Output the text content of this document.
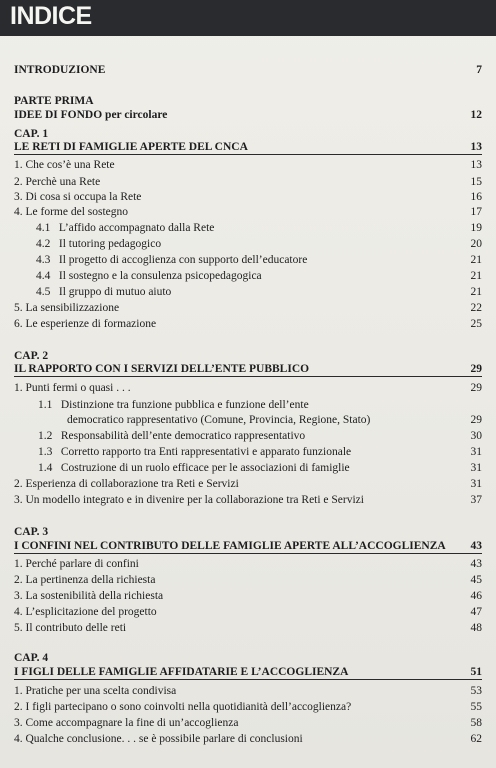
INDICE
INTRODUZIONE	7
PARTE PRIMA
IDEE DI FONDO per circolare	12
CAP. 1
LE RETI DI FAMIGLIE APERTE DEL CNCA	13
1. Che cos’è una Rete	13
2. Perchè una Rete	15
3. Di cosa si occupa la Rete	16
4. Le forme del sostegno	17
4.1 L’affido accompagnato dalla Rete	19
4.2 Il tutoring pedagogico	20
4.3 Il progetto di accoglienza con supporto dell’educatore	21
4.4 Il sostegno e la consulenza psicopedagogica	21
4.5 Il gruppo di mutuo aiuto	21
5. La sensibilizzazione	22
6. Le esperienze di formazione	25
CAP. 2
IL RAPPORTO CON I SERVIZI DELL’ENTE PUBBLICO	29
1. Punti fermi o quasi . . .	29
1.1 Distinzione tra funzione pubblica e funzione dell’ente
democratico rappresentativo (Comune, Provincia, Regione, Stato)	29
1.2 Responsabilità dell’ente democratico rappresentativo	30
1.3 Corretto rapporto tra Enti rappresentativi e apparato funzionale	31
1.4 Costruzione di un ruolo efficace per le associazioni di famiglie	31
2. Esperienza di collaborazione tra Reti e Servizi	31
3. Un modello integrato e in divenire per la collaborazione tra Reti e Servizi	37
CAP. 3
I CONFINI NEL CONTRIBUTO DELLE FAMIGLIE APERTE ALL’ACCOGLIENZA 43
1. Perché parlare di confini	43
2. La pertinenza della richiesta	45
3. La sostenibilità della richiesta	46
4. L’esplicitazione del progetto	47
5. Il contributo delle reti	48
CAP. 4
I FIGLI DELLE FAMIGLIE AFFIDATARIE E L’ACCOGLIENZA	51
1. Pratiche per una scelta condivisa	53
2. I figli partecipano o sono coinvolti nella quotidianità dell’accoglienza?	55
3. Come accompagnare la fine di un’accoglienza	58
4. Qualche conclusione. . . se è possibile parlare di conclusioni	62
